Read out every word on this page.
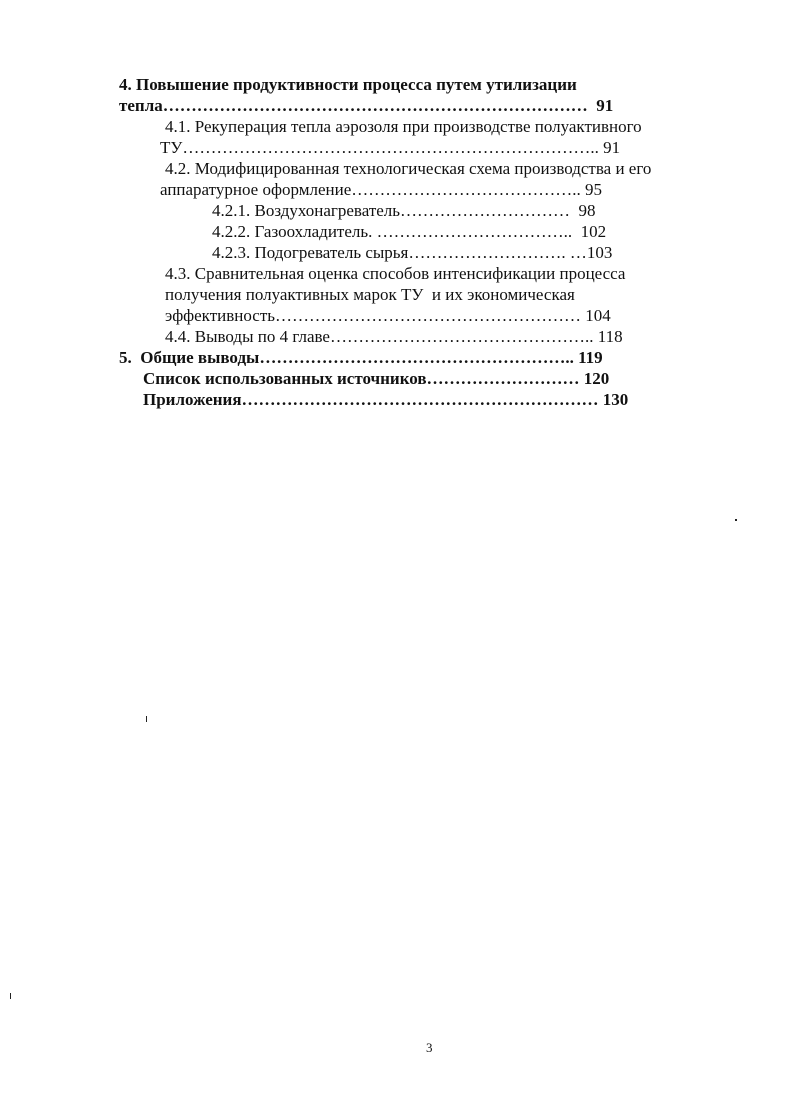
4. Повышение продуктивности процесса путем утилизации
тепла…………………………………………………………………  91
4.1. Рекуперация тепла аэрозоля при производстве полуактивного
ТУ……………………………………………………………….. 91
4.2. Модифицированная технологическая схема производства и его
аппаратурное оформление………………………………….. 95
4.2.1. Воздухонагреватель…………………………  98
4.2.2. Газоохладитель. ……………………………..  102
4.2.3. Подогреватель сырья………………………. …103
4.3. Сравнительная оценка способов интенсификации процесса
получения полуактивных марок ТУ  и их экономическая
эффективность……………………………………………… 104
4.4. Выводы по 4 главе……………………………………….. 118
5.  Общие выводы……………………………………………….. 119
Список использованных источников……………………… 120
Приложения……………………………………………………… 130
3
